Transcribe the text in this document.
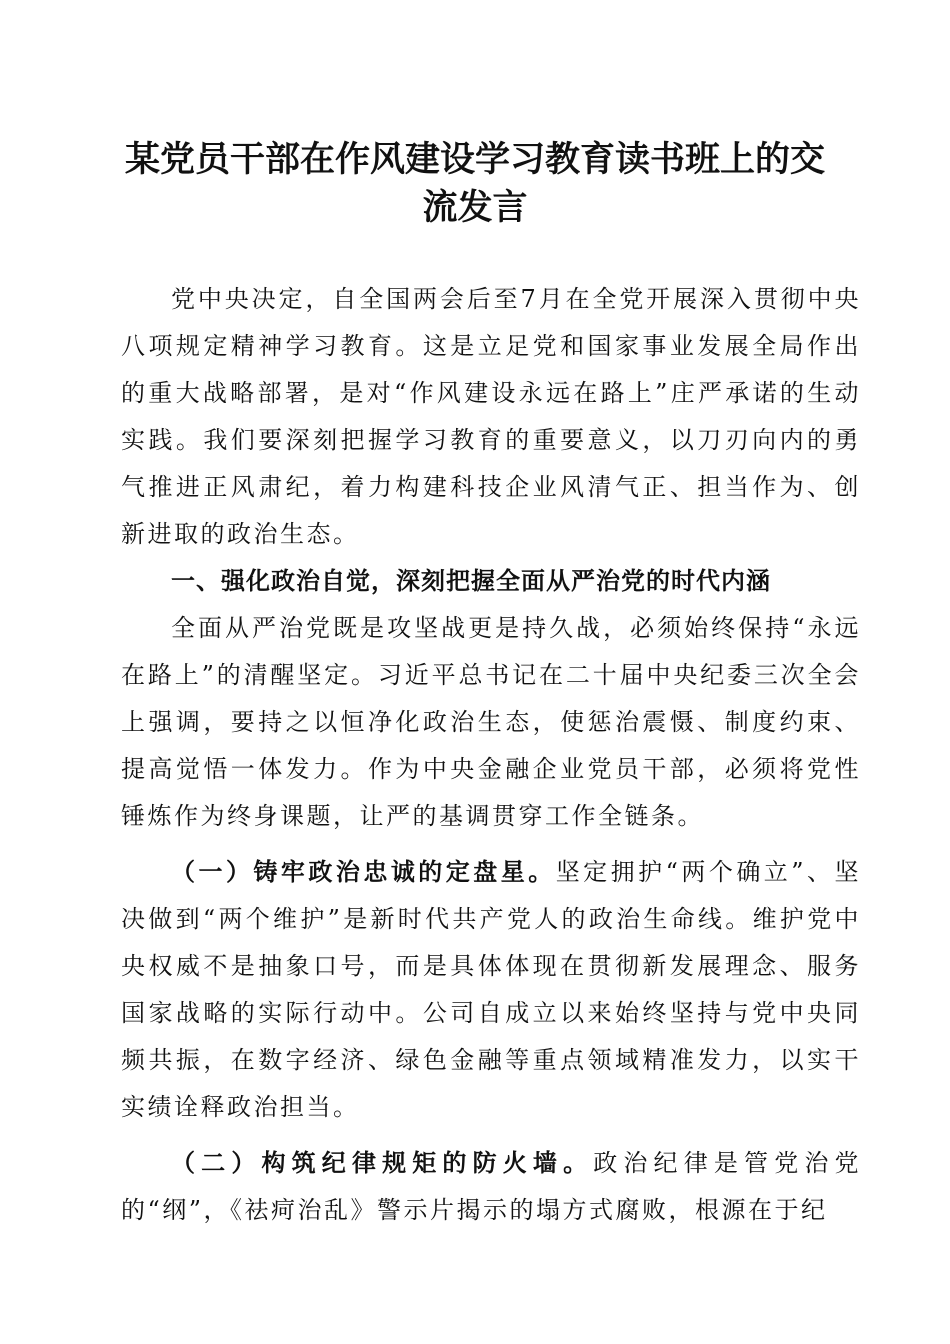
某党员干部在作风建设学习教育读书班上的交
流发言

党中央决定，自全国两会后至7月在全党开展深入贯彻中央八项规定精神学习教育。这是立足党和国家事业发展全局作出的重大战略部署，是对“作风建设永远在路上”庄严承诺的生动实践。我们要深刻把握学习教育的重要意义，以刀刃向内的勇气推进正风肃纪，着力构建科技企业风清气正、担当作为、创新进取的政治生态。

一、强化政治自觉，深刻把握全面从严治党的时代内涵

全面从严治党既是攻坚战更是持久战，必须始终保持“永远在路上”的清醒坚定。习近平总书记在二十届中央纪委三次全会上强调，要持之以恒净化政治生态，使惩治震慑、制度约束、提高觉悟一体发力。作为中央金融企业党员干部，必须将党性锤炼作为终身课题，让严的基调贯穿工作全链条。

（一）铸牢政治忠诚的定盘星。坚定拥护“两个确立”、坚决做到“两个维护”是新时代共产党人的政治生命线。维护党中央权威不是抽象口号，而是具体体现在贯彻新发展理念、服务国家战略的实际行动中。公司自成立以来始终坚持与党中央同频共振，在数字经济、绿色金融等重点领域精准发力，以实干实绩诠释政治担当。

（二）构筑纪律规矩的防火墙。政治纪律是管党治党的“纲”，《祛疴治乱》警示片揭示的塌方式腐败，根源在于纪
